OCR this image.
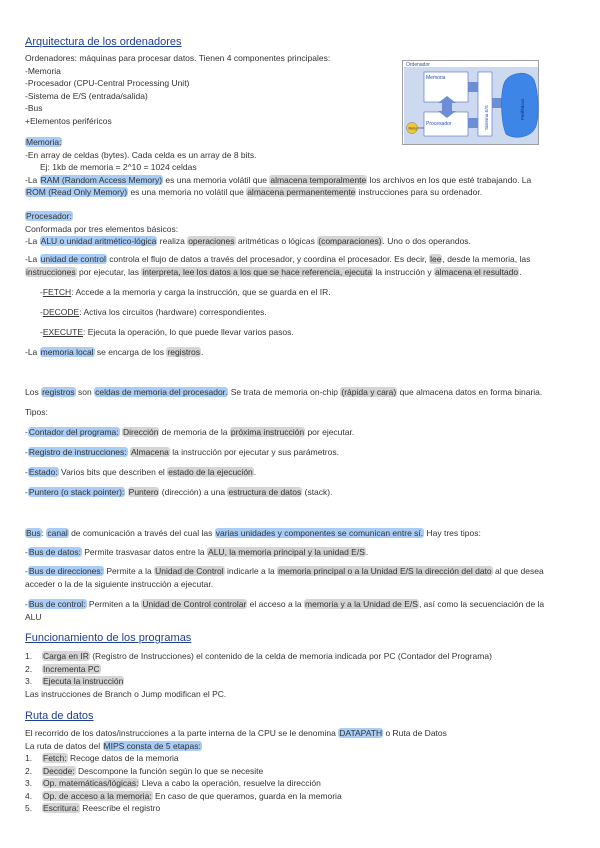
Arquitectura de los ordenadores
Ordenadores: máquinas para procesar datos. Tienen 4 componentes principales:
-Memoria
-Procesador (CPU-Central Processing Unit)
-Sistema de E/S (entrada/salida)
-Bus
+Elementos periféricos
Ordenador
Memoria
Procesador	Sistema E/S	Periféricos
Reloj
Memoria:
-En array de celdas (bytes). Cada celda es un array de 8 bits.
Ej: 1kb de memoria = 2^10 = 1024 celdas
-La RAM (Random Access Memory) es una memoria volátil que almacena temporalmente los archivos en los que esté trabajando. La
ROM (Read Only Memory) es una memoria no volátil que almacena permanentemente instrucciones para su ordenador.
Procesador:
Conformada por tres elementos básicos:
-La ALU o unidad aritmético-lógica realiza operaciones aritméticas o lógicas (comparaciones). Uno o dos operandos.
-La unidad de control controla el flujo de datos a través del procesador, y coordina el procesador. Es decir, lee, desde la memoria, las
instrucciones por ejecutar, las interpreta, lee los datos a los que se hace referencia, ejecuta la instrucción y almacena el resultado.
-FETCH: Accede a la memoria y carga la instrucción, que se guarda en el IR.
-DECODE: Activa los circuitos (hardware) correspondientes.
-EXECUTE: Ejecuta la operación, lo que puede llevar varios pasos.
-La memoria local se encarga de los registros.
Los registros son celdas de memoria del procesador. Se trata de memoria on-chip (rápida y cara) que almacena datos en forma binaria.
Tipos:
-Contador del programa: Dirección de memoria de la próxima instrucción por ejecutar.
-Registro de instrucciones: Almacena la instrucción por ejecutar y sus parámetros.
-Estado: Varios bits que describen el estado de la ejecución.
-Puntero (o stack pointer): Puntero (dirección) a una estructura de datos (stack).
Bus: canal de comunicación a través del cual las varias unidades y componentes se comunican entre sí. Hay tres tipos:
-Bus de datos: Permite trasvasar datos entre la ALU, la memoria principal y la unidad E/S.
-Bus de direcciones: Permite a la Unidad de Control indicarle a la memoria principal o a la Unidad E/S la dirección del dato al que desea
acceder o la de la siguiente instrucción a ejecutar.
-Bus de control: Permiten a la Unidad de Control controlar el acceso a la memoria y a la Unidad de E/S, así como la secuenciación de la
ALU
Funcionamiento de los programas
1. Carga en IR (Registro de Instrucciones) el contenido de la celda de memoria indicada por PC (Contador del Programa)
2. Incrementa PC
3. Ejecuta la instrucción
Las instrucciones de Branch o Jump modifican el PC.
Ruta de datos
El recorrido de los datos/instrucciones a la parte interna de la CPU se le denomina DATAPATH o Ruta de Datos
La ruta de datos del MIPS consta de 5 etapas:
1. Fetch: Recoge datos de la memoria
2. Decode: Descompone la función según lo que se necesite
3. Op. matemáticas/lógicas: Lleva a cabo la operación, resuelve la dirección
4. Op. de acceso a la memoria: En caso de que queramos, guarda en la memoria
5. Escritura: Reescribe el registro
